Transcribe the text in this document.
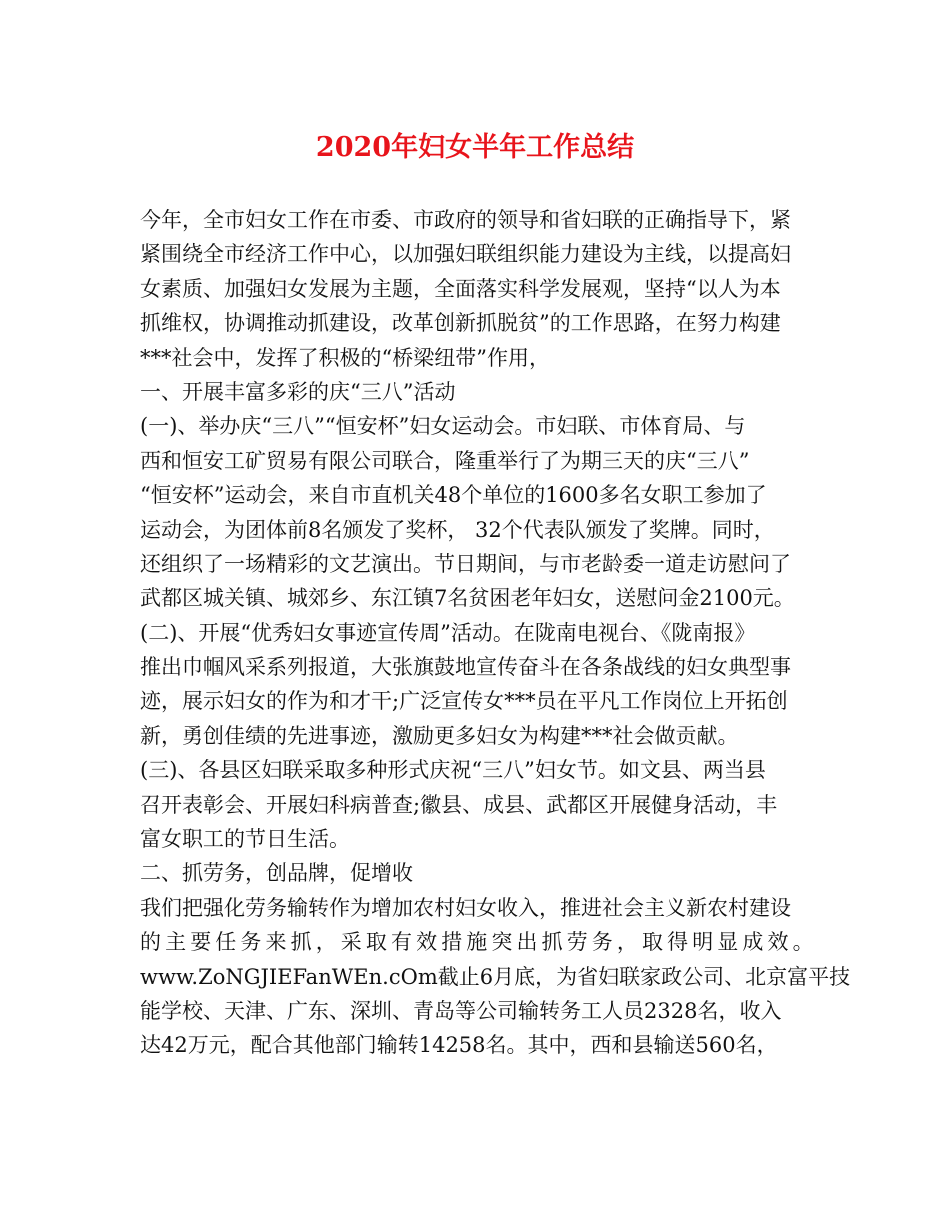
2020年妇女半年工作总结
今年，全市妇女工作在市委、市政府的领导和省妇联的正确指导下，紧
紧围绕全市经济工作中心，以加强妇联组织能力建设为主线，以提高妇
女素质、加强妇女发展为主题，全面落实科学发展观，坚持“以人为本
抓维权，协调推动抓建设，改革创新抓脱贫”的工作思路，在努力构建
***社会中，发挥了积极的“桥梁纽带”作用，
一、开展丰富多彩的庆“三八”活动
(一)、举办庆“三八”“恒安杯”妇女运动会。市妇联、市体育局、与
西和恒安工矿贸易有限公司联合，隆重举行了为期三天的庆“三八”
“恒安杯”运动会，来自市直机关48个单位的1600多名女职工参加了
运动会，为团体前8名颁发了奖杯， 32个代表队颁发了奖牌。同时，
还组织了一场精彩的文艺演出。节日期间，与市老龄委一道走访慰问了
武都区城关镇、城郊乡、东江镇7名贫困老年妇女，送慰问金2100元。
(二)、开展“优秀妇女事迹宣传周”活动。在陇南电视台、《陇南报》
推出巾帼风采系列报道，大张旗鼓地宣传奋斗在各条战线的妇女典型事
迹，展示妇女的作为和才干;广泛宣传女***员在平凡工作岗位上开拓创
新，勇创佳绩的先进事迹，激励更多妇女为构建***社会做贡献。
(三)、各县区妇联采取多种形式庆祝“三八”妇女节。如文县、两当县
召开表彰会、开展妇科病普查;徽县、成县、武都区开展健身活动，丰
富女职工的节日生活。
二、抓劳务，创品牌，促增收
我们把强化劳务输转作为增加农村妇女收入，推进社会主义新农村建设
的主要任务来抓，采取有效措施突出抓劳务，取得明显成效。
www.ZoNGJIEFanWEn.cOm截止6月底，为省妇联家政公司、北京富平技
能学校、天津、广东、深圳、青岛等公司输转务工人员2328名，收入
达42万元，配合其他部门输转14258名。其中，西和县输送560名，
